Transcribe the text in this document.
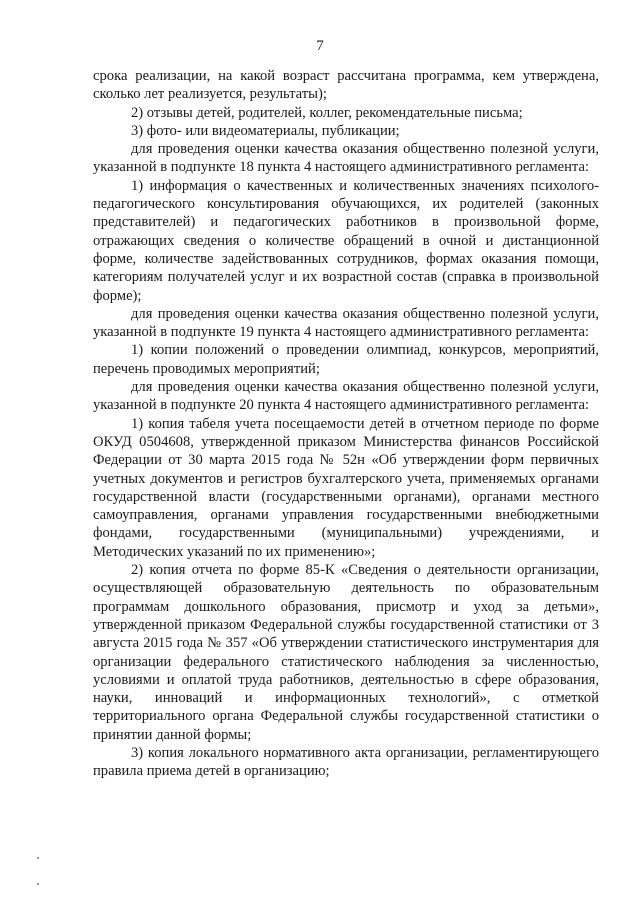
7

срока реализации, на какой возраст рассчитана программа, кем утверждена, сколько лет реализуется, результаты);

2) отзывы детей, родителей, коллег, рекомендательные письма;

3) фото- или видеоматериалы, публикации;

для проведения оценки качества оказания общественно полезной услуги, указанной в подпункте 18 пункта 4 настоящего административного регламента:

1) информация о качественных и количественных значениях психолого-педагогического консультирования обучающихся, их родителей (законных представителей) и педагогических работников в произвольной форме, отражающих сведения о количестве обращений в очной и дистанционной форме, количестве задействованных сотрудников, формах оказания помощи, категориям получателей услуг и их возрастной состав (справка в произвольной форме);

для проведения оценки качества оказания общественно полезной услуги, указанной в подпункте 19 пункта 4 настоящего административного регламента:

1) копии положений о проведении олимпиад, конкурсов, мероприятий, перечень проводимых мероприятий;

для проведения оценки качества оказания общественно полезной услуги, указанной в подпункте 20 пункта 4 настоящего административного регламента:

1) копия табеля учета посещаемости детей в отчетном периоде по форме ОКУД 0504608, утвержденной приказом Министерства финансов Российской Федерации от 30 марта 2015 года № 52н «Об утверждении форм первичных учетных документов и регистров бухгалтерского учета, применяемых органами государственной власти (государственными органами), органами местного самоуправления, органами управления государственными внебюджетными фондами, государственными (муниципальными) учреждениями, и Методических указаний по их применению»;

2) копия отчета по форме 85-К «Сведения о деятельности организации, осуществляющей образовательную деятельность по образовательным программам дошкольного образования, присмотр и уход за детьми», утвержденной приказом Федеральной службы государственной статистики от 3 августа 2015 года № 357 «Об утверждении статистического инструментария для организации федерального статистического наблюдения за численностью, условиями и оплатой труда работников, деятельностью в сфере образования, науки, инноваций и информационных технологий», с отметкой территориального органа Федеральной службы государственной статистики о принятии данной формы;

3) копия локального нормативного акта организации, регламентирующего правила приема детей в организацию;
